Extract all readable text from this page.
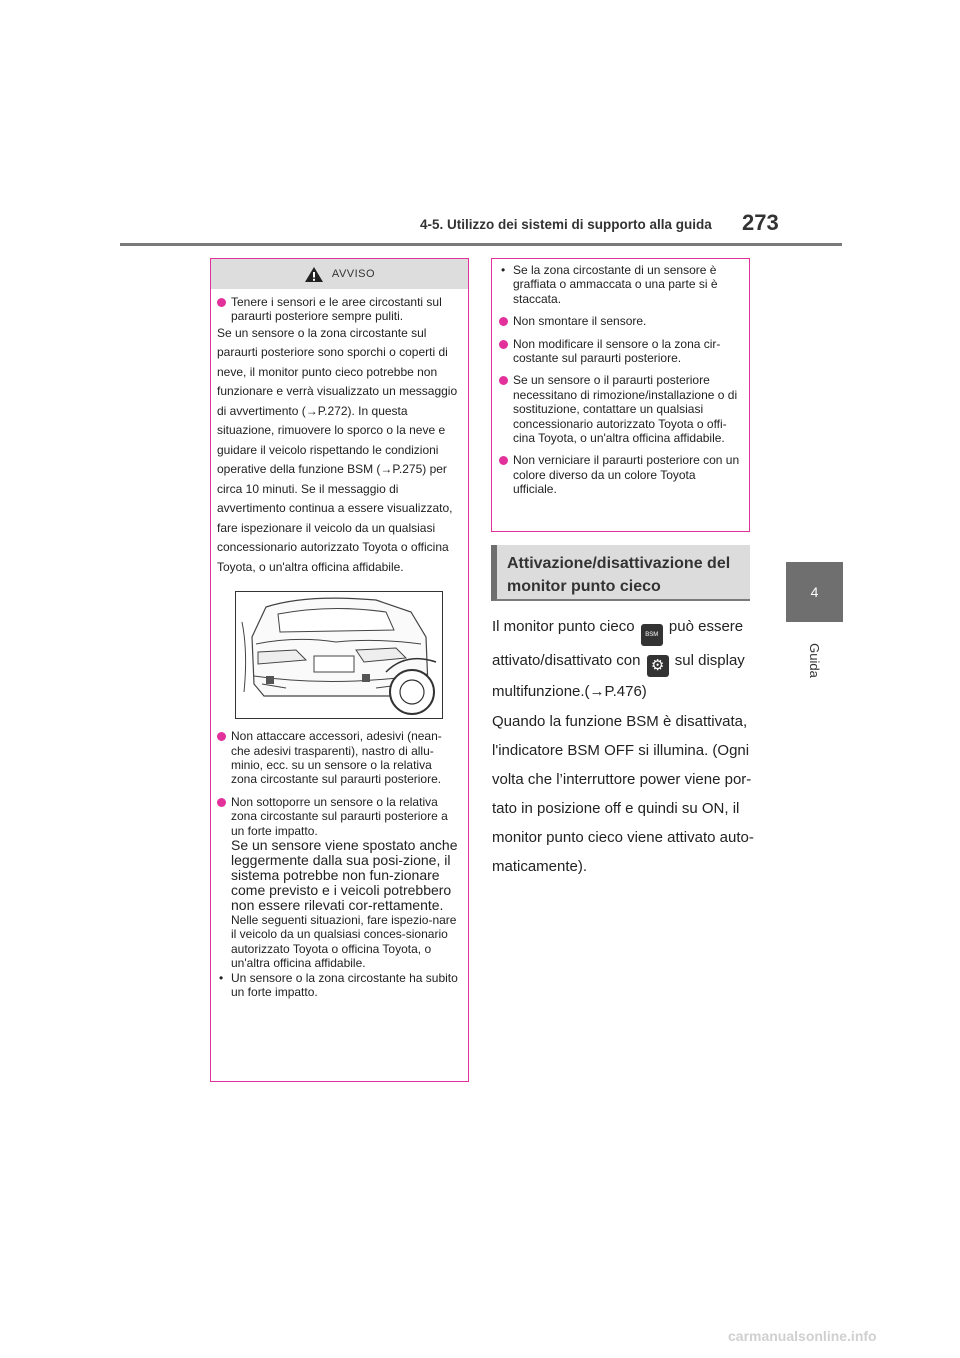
4-5. Utilizzo dei sistemi di supporto alla guida 273
4
Guida
AVVISO

Tenere i sensori e le aree circostanti sul paraurti posteriore sempre puliti.

Se un sensore o la zona circostante sul paraurti posteriore sono sporchi o coperti di neve, il monitor punto cieco potrebbe non funzionare e verrà visualizzato un messaggio di avvertimento (→P.272). In questa situazione, rimuovere lo sporco o la neve e guidare il veicolo rispettando le condizioni operative della funzione BSM (→P.275) per circa 10 minuti. Se il messaggio di avvertimento continua a essere visualizzato, fare ispezionare il veicolo da un qualsiasi concessionario autorizzato Toyota o officina Toyota, o un'altra officina affidabile.

Non attaccare accessori, adesivi (nean-che adesivi trasparenti), nastro di allu-minio, ecc. su un sensore o la relativa zona circostante sul paraurti posteriore.

Non sottoporre un sensore o la relativa zona circostante sul paraurti posteriore a un forte impatto.

Se un sensore viene spostato anche leggermente dalla sua posi-zione, il sistema potrebbe non fun-zionare come previsto e i veicoli potrebbero non essere rilevati cor-rettamente.

Nelle seguenti situazioni, fare ispezio-nare il veicolo da un qualsiasi conces-sionario autorizzato Toyota o officina Toyota, o un'altra officina affidabile.

• Un sensore o la zona circostante ha subito un forte impatto.

• Se la zona circostante di un sensore è graffiata o ammaccata o una parte si è staccata.

Non smontare il sensore.

Non modificare il sensore o la zona cir-costante sul paraurti posteriore.

Se un sensore o il paraurti posteriore necessitano di rimozione/installazione o di sostituzione, contattare un qualsiasi concessionario autorizzato Toyota o offi-cina Toyota, o un'altra officina affidabile.

Non verniciare il paraurti posteriore con un colore diverso da un colore Toyota ufficiale.

Attivazione/disattivazione del monitor punto cieco

Il monitor punto cieco BSM può essere attivato/disattivato con ⚙ sul display multifunzione.(→P.476)

Quando la funzione BSM è disattivata, l'indicatore BSM OFF si illumina. (Ogni volta che l’interruttore power viene por-tato in posizione off e quindi su ON, il monitor punto cieco viene attivato auto-maticamente).

carmanualsonline.info
